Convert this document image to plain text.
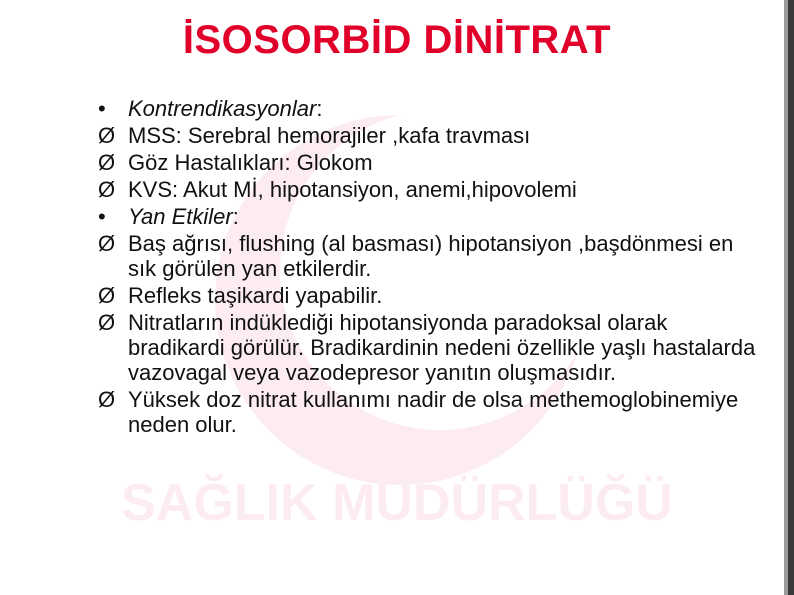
SAĞLIK MÜDÜRLÜĞÜ
İSOSORBİD DİNİTRAT
•	Kontrendikasyonlar:
Ø MSS: Serebral hemorajiler ,kafa travması
Ø Göz Hastalıkları: Glokom
Ø KVS: Akut Mİ, hipotansiyon, anemi,hipovolemi
•	Yan Etkiler:
Ø Baş ağrısı, flushing (al basması) hipotansiyon ,başdönmesi en sık görülen yan etkilerdir.
Ø Refleks taşikardi yapabilir.
Ø Nitratların indüklediği hipotansiyonda paradoksal olarak bradikardi görülür. Bradikardinin nedeni özellikle yaşlı hastalarda vazovagal veya vazodepresor yanıtın oluşmasıdır.
Ø Yüksek doz nitrat kullanımı nadir de olsa methemoglobinemiye neden olur.
